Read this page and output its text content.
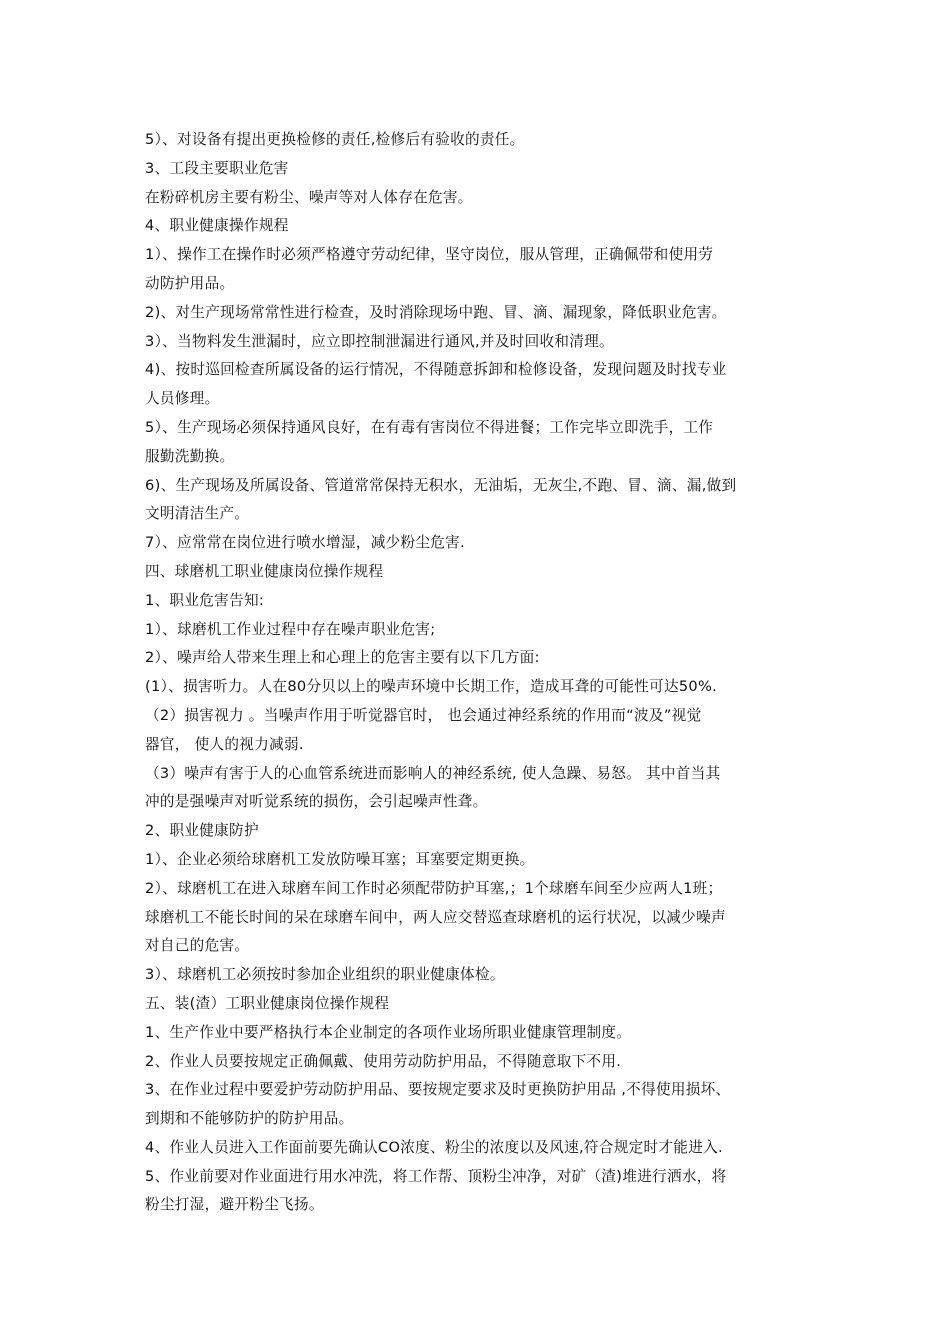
5）、对设备有提出更换检修的责任,检修后有验收的责任。
3、工段主要职业危害
在粉碎机房主要有粉尘、噪声等对人体存在危害。
4、职业健康操作规程
1）、操作工在操作时必须严格遵守劳动纪律，坚守岗位，服从管理，正确佩带和使用劳
动防护用品。
2)、对生产现场常常性进行检查，及时消除现场中跑、冒、滴、漏现象，降低职业危害。
3）、当物料发生泄漏时，应立即控制泄漏进行通风,并及时回收和清理。
4)、按时巡回检查所属设备的运行情况，不得随意拆卸和检修设备，发现问题及时找专业
人员修理。
5）、生产现场必须保持通风良好，在有毒有害岗位不得进餐；工作完毕立即洗手，工作
服勤洗勤换。
6)、生产现场及所属设备、管道常常保持无积水，无油垢，无灰尘,不跑、冒、滴、漏,做到
文明清洁生产。
7）、应常常在岗位进行喷水增湿，减少粉尘危害.
四、球磨机工职业健康岗位操作规程
1、职业危害告知:
1）、球磨机工作业过程中存在噪声职业危害;
2）、噪声给人带来生理上和心理上的危害主要有以下几方面:
(1）、损害听力。人在80分贝以上的噪声环境中长期工作，造成耳聋的可能性可达50%.
（2）损害视力 。当噪声作用于听觉器官时， 也会通过神经系统的作用而“波及”视觉
器官， 使人的视力减弱.
（3）噪声有害于人的心血管系统进而影响人的神经系统, 使人急躁、易怒。 其中首当其
冲的是强噪声对听觉系统的损伤，会引起噪声性聋。
2、职业健康防护
1）、企业必须给球磨机工发放防噪耳塞；耳塞要定期更换。
2）、球磨机工在进入球磨车间工作时必须配带防护耳塞,；1个球磨车间至少应两人1班；
球磨机工不能长时间的呆在球磨车间中，两人应交替巡查球磨机的运行状况，以减少噪声
对自己的危害。
3）、球磨机工必须按时参加企业组织的职业健康体检。
五、装(渣）工职业健康岗位操作规程
1、生产作业中要严格执行本企业制定的各项作业场所职业健康管理制度。
2、作业人员要按规定正确佩戴、使用劳动防护用品，不得随意取下不用.
3、在作业过程中要爱护劳动防护用品、要按规定要求及时更换防护用品 ,不得使用损坏、
到期和不能够防护的防护用品。
4、作业人员进入工作面前要先确认CO浓度、粉尘的浓度以及风速,符合规定时才能进入.
5、作业前要对作业面进行用水冲洗，将工作帮、顶粉尘冲净，对矿（渣)堆进行洒水，将
粉尘打湿，避开粉尘飞扬。
